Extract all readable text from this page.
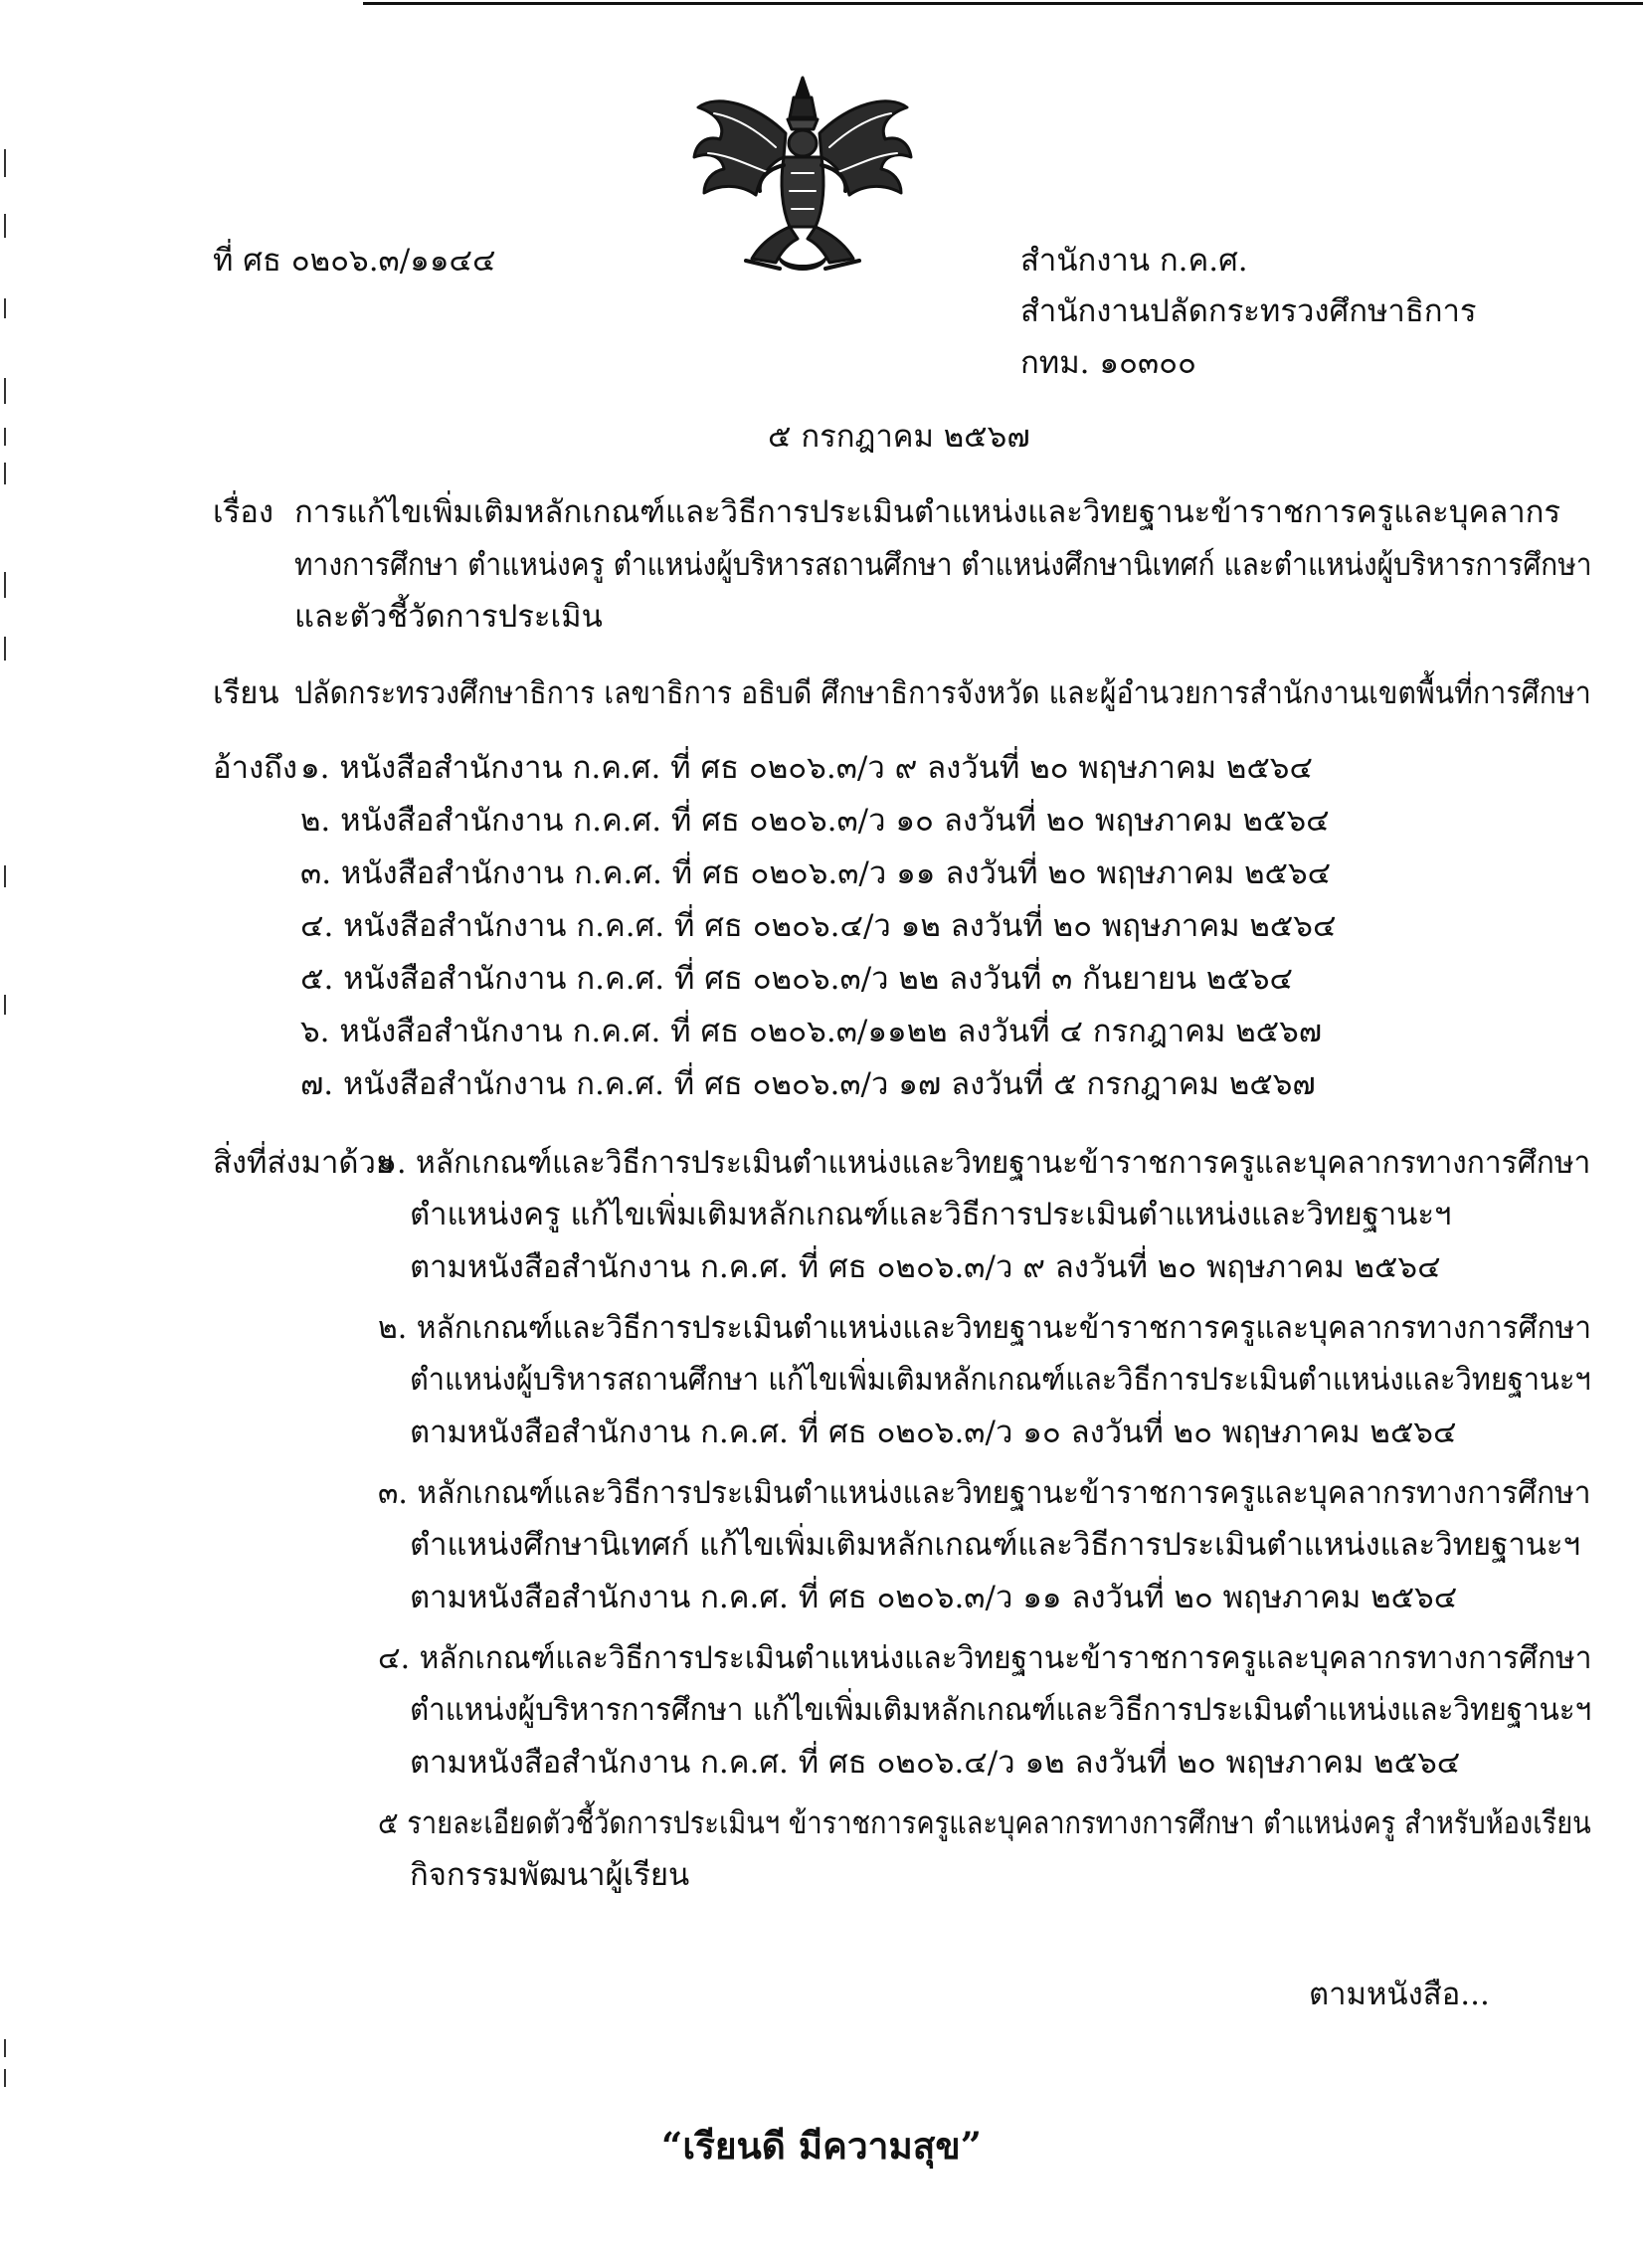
ที่ ศธ ๐๒๐๖.๓/๑๑๔๔	สำนักงาน ก.ค.ศ.
สำนักงานปลัดกระทรวงศึกษาธิการ
กทม. ๑๐๓๐๐
๕ กรกฎาคม ๒๕๖๗
เรื่อง การแก้ไขเพิ่มเติมหลักเกณฑ์และวิธีการประเมินตำแหน่งและวิทยฐานะข้าราชการครูและบุคลากร
ทางการศึกษา ตำแหน่งครู ตำแหน่งผู้บริหารสถานศึกษา ตำแหน่งศึกษานิเทศก์ และตำแหน่งผู้บริหารการศึกษา
และตัวชี้วัดการประเมิน
เรียน ปลัดกระทรวงศึกษาธิการ เลขาธิการ อธิบดี ศึกษาธิการจังหวัด และผู้อำนวยการสำนักงานเขตพื้นที่การศึกษา
อ้างถึง ๑. หนังสือสำนักงาน ก.ค.ศ. ที่ ศธ ๐๒๐๖.๓/ว ๙ ลงวันที่ ๒๐ พฤษภาคม ๒๕๖๔
๒. หนังสือสำนักงาน ก.ค.ศ. ที่ ศธ ๐๒๐๖.๓/ว ๑๐ ลงวันที่ ๒๐ พฤษภาคม ๒๕๖๔
๓. หนังสือสำนักงาน ก.ค.ศ. ที่ ศธ ๐๒๐๖.๓/ว ๑๑ ลงวันที่ ๒๐ พฤษภาคม ๒๕๖๔
๔. หนังสือสำนักงาน ก.ค.ศ. ที่ ศธ ๐๒๐๖.๔/ว ๑๒ ลงวันที่ ๒๐ พฤษภาคม ๒๕๖๔
๕. หนังสือสำนักงาน ก.ค.ศ. ที่ ศธ ๐๒๐๖.๓/ว ๒๒ ลงวันที่ ๓ กันยายน ๒๕๖๔
๖. หนังสือสำนักงาน ก.ค.ศ. ที่ ศธ ๐๒๐๖.๓/๑๑๒๒ ลงวันที่ ๔ กรกฎาคม ๒๕๖๗
๗. หนังสือสำนักงาน ก.ค.ศ. ที่ ศธ ๐๒๐๖.๓/ว ๑๗ ลงวันที่ ๕ กรกฎาคม ๒๕๖๗
สิ่งที่ส่งมาด้วย
๑. หลักเกณฑ์และวิธีการประเมินตำแหน่งและวิทยฐานะข้าราชการครูและบุคลากรทางการศึกษา
ตำแหน่งครู แก้ไขเพิ่มเติมหลักเกณฑ์และวิธีการประเมินตำแหน่งและวิทยฐานะฯ
ตามหนังสือสำนักงาน ก.ค.ศ. ที่ ศธ ๐๒๐๖.๓/ว ๙ ลงวันที่ ๒๐ พฤษภาคม ๒๕๖๔
๒. หลักเกณฑ์และวิธีการประเมินตำแหน่งและวิทยฐานะข้าราชการครูและบุคลากรทางการศึกษา
ตำแหน่งผู้บริหารสถานศึกษา แก้ไขเพิ่มเติมหลักเกณฑ์และวิธีการประเมินตำแหน่งและวิทยฐานะฯ
ตามหนังสือสำนักงาน ก.ค.ศ. ที่ ศธ ๐๒๐๖.๓/ว ๑๐ ลงวันที่ ๒๐ พฤษภาคม ๒๕๖๔
๓. หลักเกณฑ์และวิธีการประเมินตำแหน่งและวิทยฐานะข้าราชการครูและบุคลากรทางการศึกษา
ตำแหน่งศึกษานิเทศก์ แก้ไขเพิ่มเติมหลักเกณฑ์และวิธีการประเมินตำแหน่งและวิทยฐานะฯ
ตามหนังสือสำนักงาน ก.ค.ศ. ที่ ศธ ๐๒๐๖.๓/ว ๑๑ ลงวันที่ ๒๐ พฤษภาคม ๒๕๖๔
๔. หลักเกณฑ์และวิธีการประเมินตำแหน่งและวิทยฐานะข้าราชการครูและบุคลากรทางการศึกษา
ตำแหน่งผู้บริหารการศึกษา แก้ไขเพิ่มเติมหลักเกณฑ์และวิธีการประเมินตำแหน่งและวิทยฐานะฯ
ตามหนังสือสำนักงาน ก.ค.ศ. ที่ ศธ ๐๒๐๖.๔/ว ๑๒ ลงวันที่ ๒๐ พฤษภาคม ๒๕๖๔
๕ รายละเอียดตัวชี้วัดการประเมินฯ ข้าราชการครูและบุคลากรทางการศึกษา ตำแหน่งครู สำหรับห้องเรียน
กิจกรรมพัฒนาผู้เรียน
ตามหนังสือ...
“เรียนดี มีความสุข”
